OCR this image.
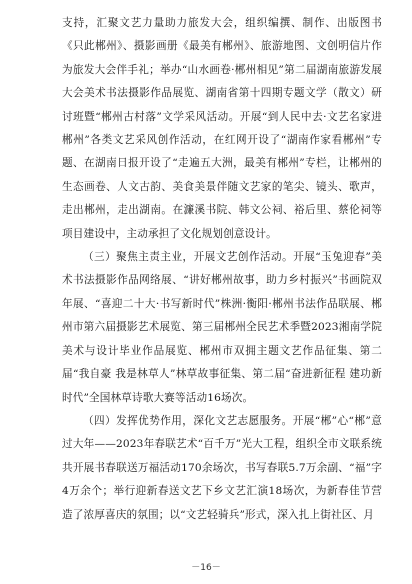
支持，汇聚文艺力量助力旅发大会，组织编撰、制作、出版图书《只此郴州》、摄影画册《最美有郴州》、旅游地图、文创明信片作为旅发大会伴手礼；举办“山水画卷·郴州相见”第二届湖南旅游发展大会美术书法摄影作品展览、湖南省第十四期专题文学（散文）研讨班暨“郴州古村落”文学采风活动。开展“到人民中去·文艺名家进郴州”各类文艺采风创作活动，在红网开设了“湖南作家看郴州”专题、在湖南日报开设了“走遍五大洲，最美有郴州”专栏，让郴州的生态画卷、人文古韵、美食美景伴随文艺家的笔尖、镜头、歌声，走出郴州，走出湖南。在濂溪书院、韩文公祠、裕后里、蔡伦祠等项目建设中，主动承担了文化规划创意设计。

（三）聚焦主责主业，开展文艺创作活动。开展“玉兔迎春”美术书法摄影作品网络展、“讲好郴州故事，助力乡村振兴”书画院双年展、“喜迎二十大·书写新时代”株洲·衡阳·郴州书法作品联展、郴州市第六届摄影艺术展览、第三届郴州全民艺术季暨2023湘南学院美术与设计毕业作品展览、郴州市双拥主题文艺作品征集、第二届“我自豪 我是林草人”林草故事征集、第二届“奋进新征程 建功新时代”全国林草诗歌大赛等活动16场次。

（四）发挥优势作用，深化文艺志愿服务。开展“郴”心“郴”意过大年——2023年春联艺术“百千万”光大工程，组织全市文联系统共开展书春联送万福活动170余场次，书写春联5.7万余副、“福”字4万余个；举行迎新春送文艺下乡文艺汇演18场次，为新春佳节营造了浓厚喜庆的氛围；以“文艺轻骑兵”形式，深入扎上街社区、月

－16－
